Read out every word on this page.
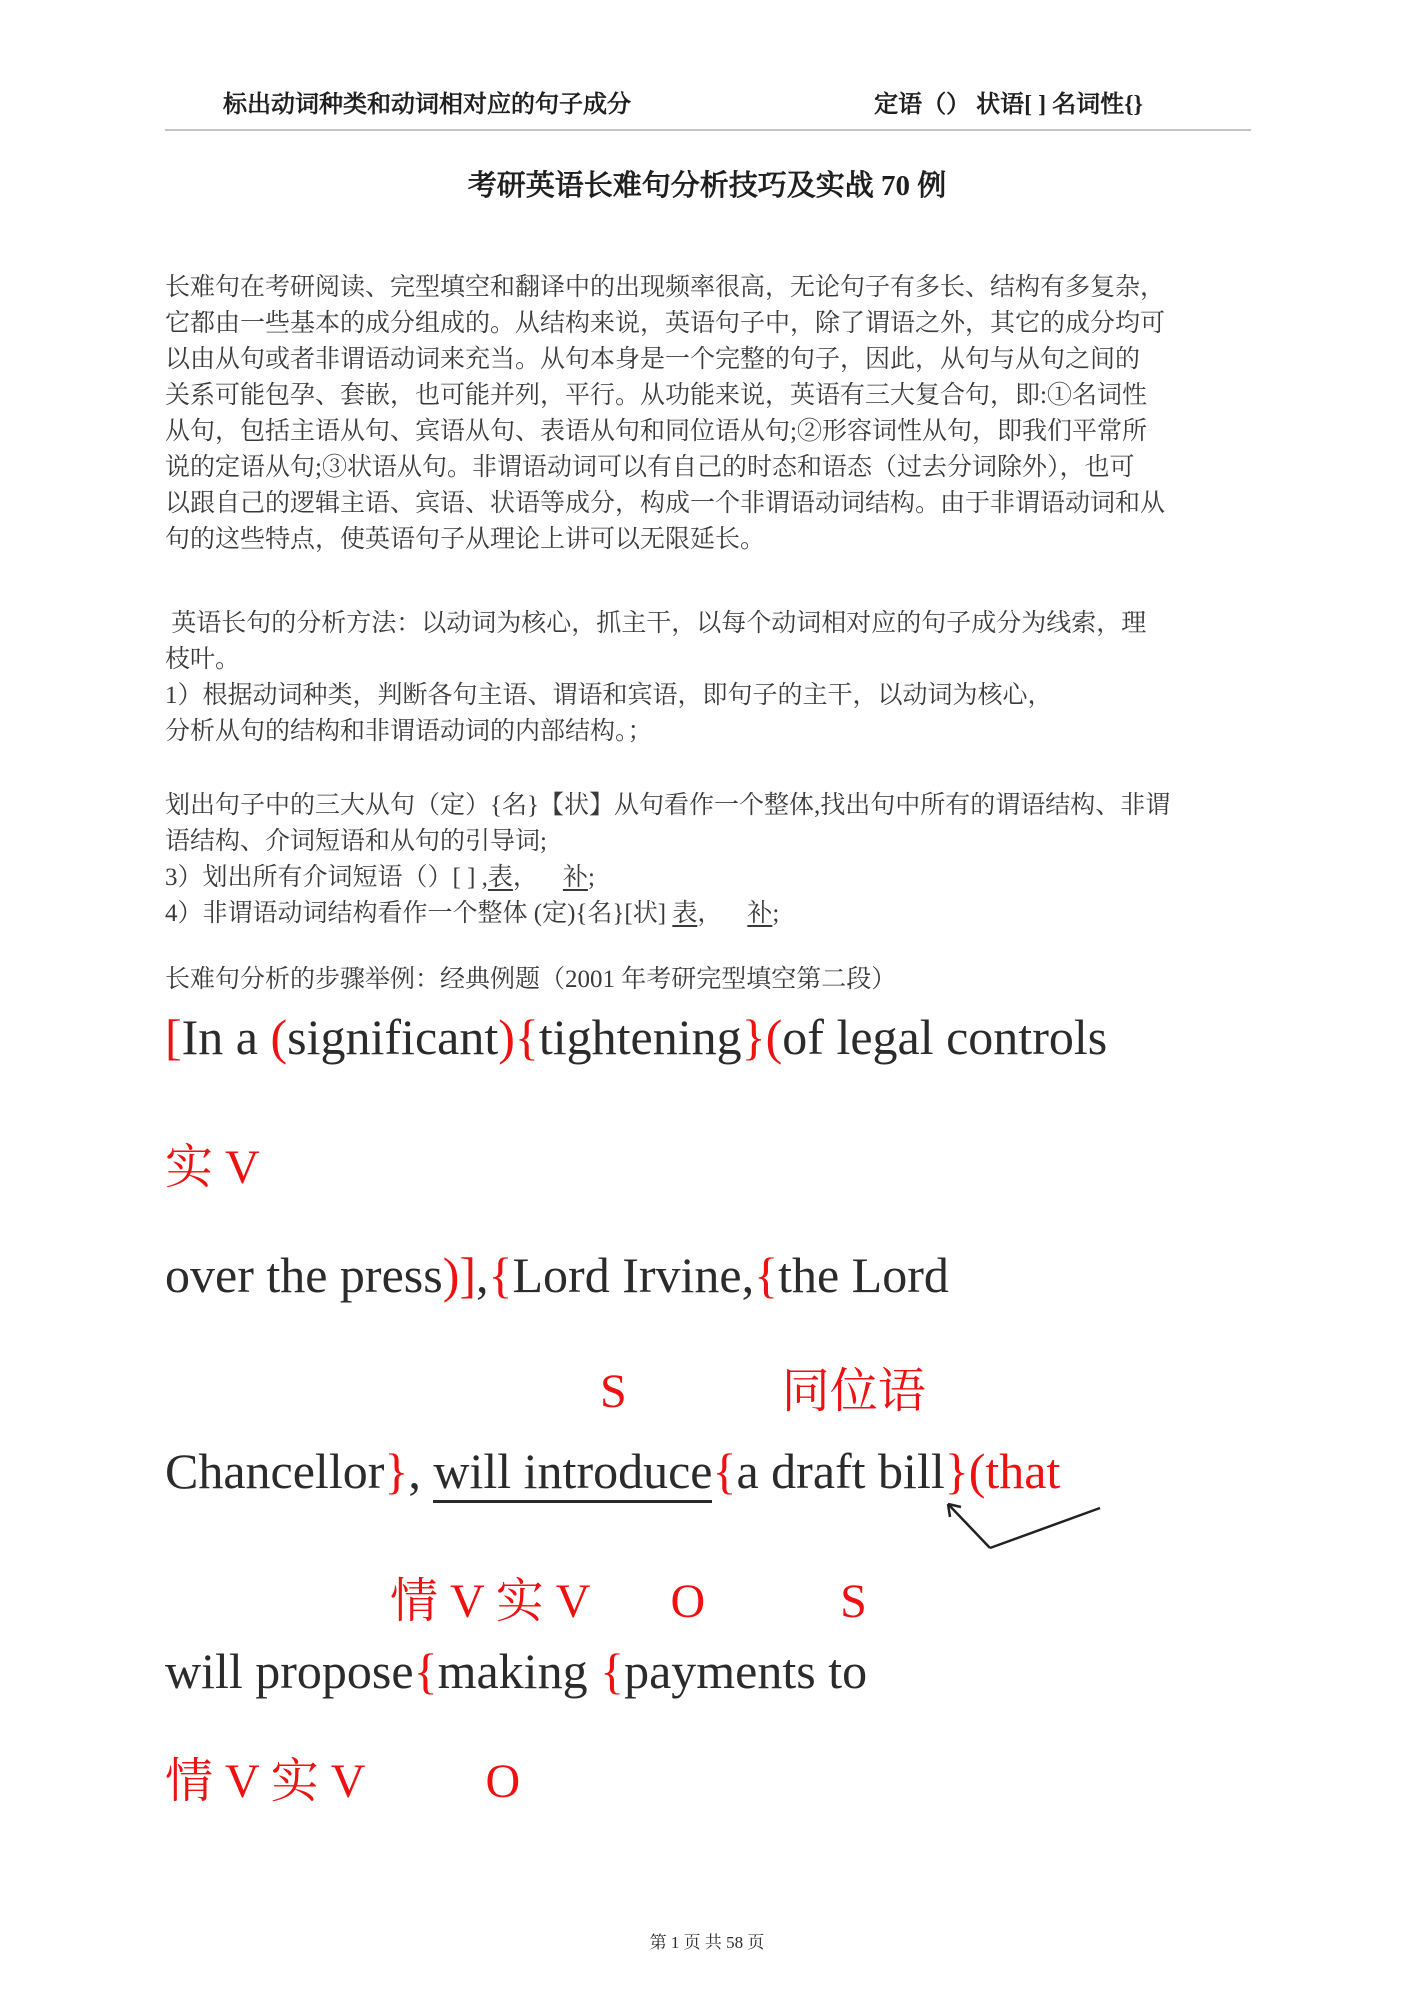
标出动词种类和动词相对应的句子成分	定语（） 状语[ ] 名词性{}
考研英语长难句分析技巧及实战 70 例
长难句在考研阅读、完型填空和翻译中的出现频率很高，无论句子有多长、结构有多复杂，
它都由一些基本的成分组成的。从结构来说，英语句子中，除了谓语之外，其它的成分均可
以由从句或者非谓语动词来充当。从句本身是一个完整的句子，因此，从句与从句之间的
关系可能包孕、套嵌，也可能并列，平行。从功能来说，英语有三大复合句，即:①名词性
从句，包括主语从句、宾语从句、表语从句和同位语从句;②形容词性从句，即我们平常所
说的定语从句;③状语从句。非谓语动词可以有自己的时态和语态（过去分词除外），也可
以跟自己的逻辑主语、宾语、状语等成分，构成一个非谓语动词结构。由于非谓语动词和从
句的这些特点，使英语句子从理论上讲可以无限延长。
英语长句的分析方法：以动词为核心，抓主干，以每个动词相对应的句子成分为线索，理
枝叶。
1）根据动词种类，判断各句主语、谓语和宾语，即句子的主干，以动词为核心，
分析从句的结构和非谓语动词的内部结构。；
划出句子中的三大从句（定）{名}【状】从句看作一个整体,找出句中所有的谓语结构、非谓
语结构、介词短语和从句的引导词;
3）划出所有介词短语（）[ ] ,表，    补;
4）非谓语动词结构看作一个整体 (定){名}[状] 表，    补;
长难句分析的步骤举例：经典例题（2001 年考研完型填空第二段）
[In a (significant){tightening}(of legal controls
实 V
over the press)],{Lord Irvine,{the Lord
S	同位语
Chancellor}, will introduce{a draft bill}(that
情 V 实 V O	S
will propose{making {payments to
情 V 实 V	O
第 1 页 共 58 页
